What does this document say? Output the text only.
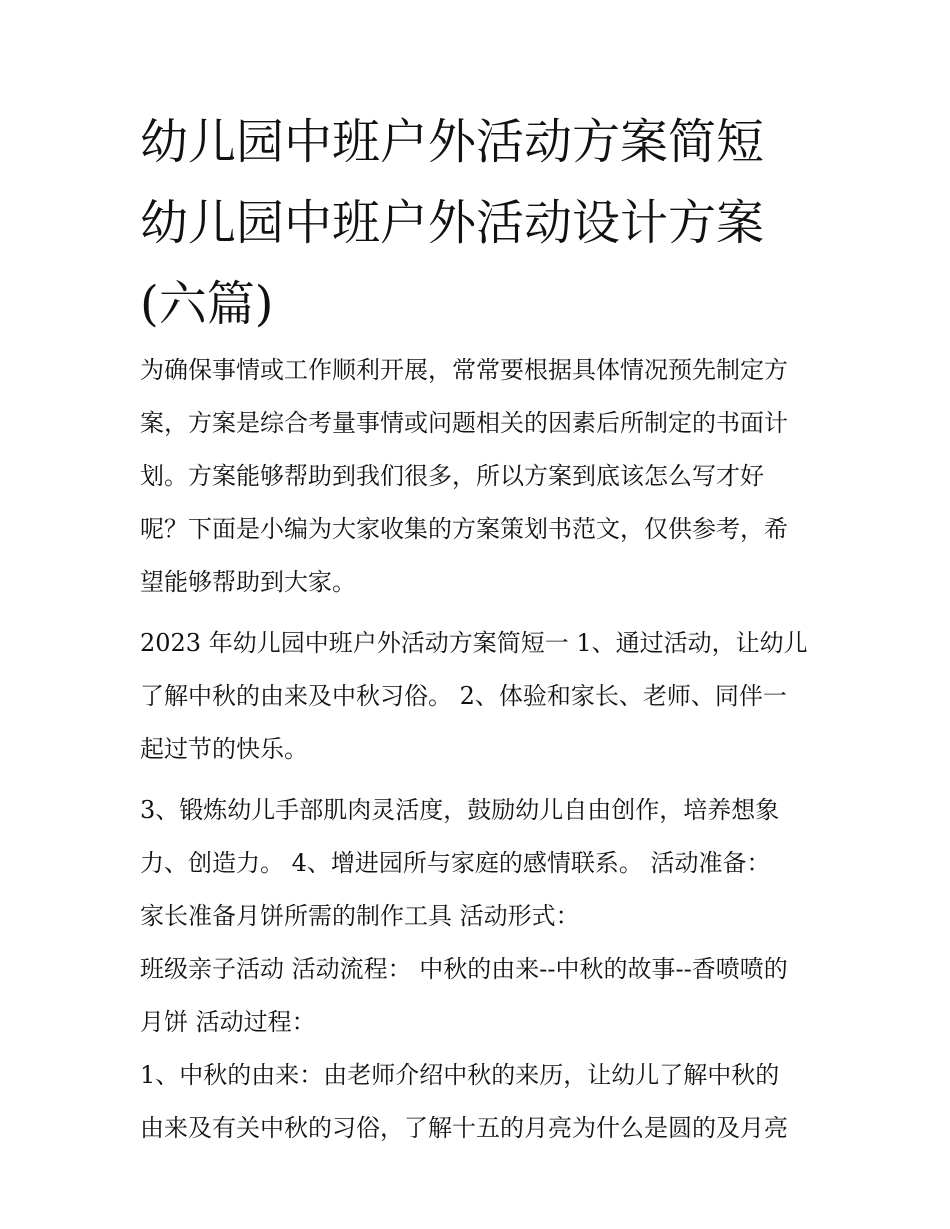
幼儿园中班户外活动方案简短
幼儿园中班户外活动设计方案
(六篇)
为确保事情或工作顺利开展，常常要根据具体情况预先制定方
案，方案是综合考量事情或问题相关的因素后所制定的书面计
划。方案能够帮助到我们很多，所以方案到底该怎么写才好
呢？下面是小编为大家收集的方案策划书范文，仅供参考，希
望能够帮助到大家。
2023 年幼儿园中班户外活动方案简短一 1、通过活动，让幼儿
了解中秋的由来及中秋习俗。 2、体验和家长、老师、同伴一
起过节的快乐。
3、锻炼幼儿手部肌肉灵活度，鼓励幼儿自由创作，培养想象
力、创造力。 4、增进园所与家庭的感情联系。 活动准备：
家长准备月饼所需的制作工具 活动形式：
班级亲子活动 活动流程： 中秋的由来--中秋的故事--香喷喷的
月饼 活动过程：
1、中秋的由来：由老师介绍中秋的来历，让幼儿了解中秋的
由来及有关中秋的习俗，了解十五的月亮为什么是圆的及月亮
